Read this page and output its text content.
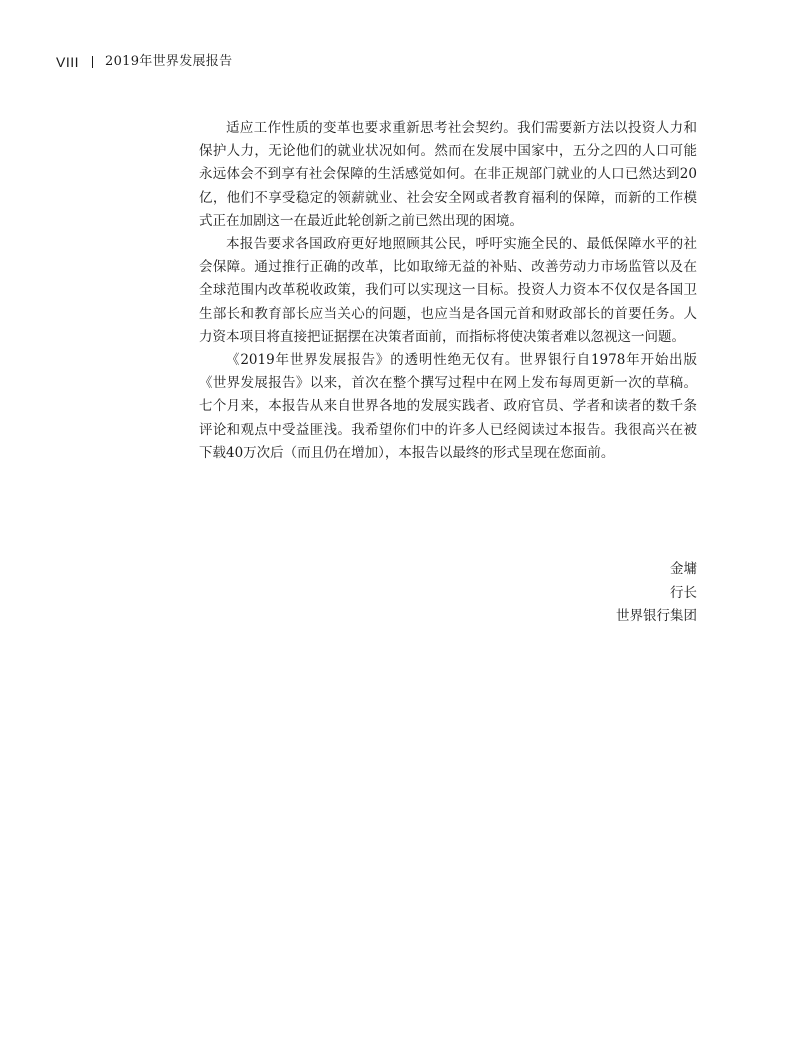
VIII 2019年世界发展报告

适应工作性质的变革也要求重新思考社会契约。我们需要新方法以投资人力和保护人力，无论他们的就业状况如何。然而在发展中国家中，五分之四的人口可能永远体会不到享有社会保障的生活感觉如何。在非正规部门就业的人口已然达到20亿，他们不享受稳定的领薪就业、社会安全网或者教育福利的保障，而新的工作模式正在加剧这一在最近此轮创新之前已然出现的困境。

本报告要求各国政府更好地照顾其公民，呼吁实施全民的、最低保障水平的社会保障。通过推行正确的改革，比如取缔无益的补贴、改善劳动力市场监管以及在全球范围内改革税收政策，我们可以实现这一目标。投资人力资本不仅仅是各国卫生部长和教育部长应当关心的问题，也应当是各国元首和财政部长的首要任务。人力资本项目将直接把证据摆在决策者面前，而指标将使决策者难以忽视这一问题。

《2019年世界发展报告》的透明性绝无仅有。世界银行自1978年开始出版《世界发展报告》以来，首次在整个撰写过程中在网上发布每周更新一次的草稿。七个月来，本报告从来自世界各地的发展实践者、政府官员、学者和读者的数千条评论和观点中受益匪浅。我希望你们中的许多人已经阅读过本报告。我很高兴在被下载40万次后（而且仍在增加），本报告以最终的形式呈现在您面前。

金墉
行长
世界银行集团
